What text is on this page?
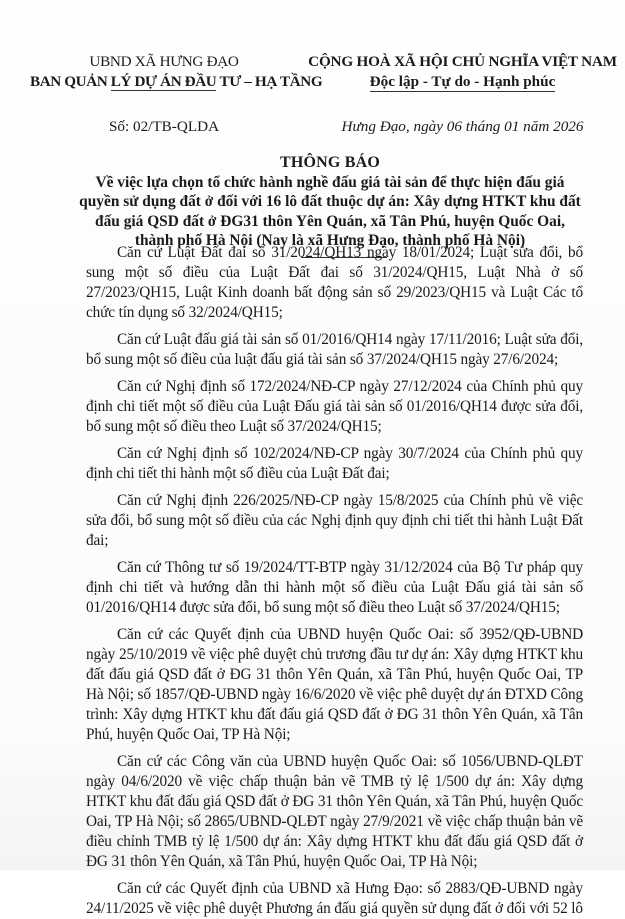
UBND XÃ HƯNG ĐẠO
BAN QUẢN LÝ DỰ ÁN ĐẦU TƯ – HẠ TẦNG
CỘNG HOÀ XÃ HỘI CHỦ NGHĨA VIỆT NAM
Độc lập - Tự do - Hạnh phúc
Số: 02/TB-QLDA	Hưng Đạo, ngày 06 tháng 01 năm 2026
THÔNG BÁO
Về việc lựa chọn tổ chức hành nghề đấu giá tài sản để thực hiện đấu giá
quyền sử dụng đất ở đối với 16 lô đất thuộc dự án: Xây dựng HTKT khu đất
đấu giá QSD đất ở ĐG31 thôn Yên Quán, xã Tân Phú, huyện Quốc Oai,
thành phố Hà Nội (Nay là xã Hưng Đạo, thành phố Hà Nội)

Căn cứ Luật Đất đai số 31/2024/QH13 ngày 18/01/2024; Luật sửa đổi, bổ sung một số điều của Luật Đất đai số 31/2024/QH15, Luật Nhà ở số 27/2023/QH15, Luật Kinh doanh bất động sản số 29/2023/QH15 và Luật Các tổ chức tín dụng số 32/2024/QH15;

Căn cứ Luật đấu giá tài sản số 01/2016/QH14 ngày 17/11/2016; Luật sửa đổi, bổ sung một số điều của luật đấu giá tài sản số 37/2024/QH15 ngày 27/6/2024;

Căn cứ Nghị định số 172/2024/NĐ-CP ngày 27/12/2024 của Chính phủ quy định chi tiết một số điều của Luật Đấu giá tài sản số 01/2016/QH14 được sửa đổi, bổ sung một số điều theo Luật số 37/2024/QH15;

Căn cứ Nghị định số 102/2024/NĐ-CP ngày 30/7/2024 của Chính phủ quy định chi tiết thi hành một số điều của Luật Đất đai;

Căn cứ Nghị định 226/2025/NĐ-CP ngày 15/8/2025 của Chính phủ về việc sửa đổi, bổ sung một số điều của các Nghị định quy định chi tiết thi hành Luật Đất đai;

Căn cứ Thông tư số 19/2024/TT-BTP ngày 31/12/2024 của Bộ Tư pháp quy định chi tiết và hướng dẫn thi hành một số điều của Luật Đấu giá tài sản số 01/2016/QH14 được sửa đổi, bổ sung một số điều theo Luật số 37/2024/QH15;

Căn cứ các Quyết định của UBND huyện Quốc Oai: số 3952/QĐ-UBND ngày 25/10/2019 về việc phê duyệt chủ trương đầu tư dự án: Xây dựng HTKT khu đất đấu giá QSD đất ở ĐG 31 thôn Yên Quán, xã Tân Phú, huyện Quốc Oai, TP Hà Nội; số 1857/QĐ-UBND ngày 16/6/2020 về việc phê duyệt dự án ĐTXD Công trình: Xây dựng HTKT khu đất đấu giá QSD đất ở ĐG 31 thôn Yên Quán, xã Tân Phú, huyện Quốc Oai, TP Hà Nội;

Căn cứ các Công văn của UBND huyện Quốc Oai: số 1056/UBND-QLĐT ngày 04/6/2020 về việc chấp thuận bản vẽ TMB tỷ lệ 1/500 dự án: Xây dựng HTKT khu đất đấu giá QSD đất ở ĐG 31 thôn Yên Quán, xã Tân Phú, huyện Quốc Oai, TP Hà Nội; số 2865/UBND-QLĐT ngày 27/9/2021 về việc chấp thuận bản vẽ điều chỉnh TMB tỷ lệ 1/500 dự án: Xây dựng HTKT khu đất đấu giá QSD đất ở ĐG 31 thôn Yên Quán, xã Tân Phú, huyện Quốc Oai, TP Hà Nội;

Căn cứ các Quyết định của UBND xã Hưng Đạo: số 2883/QĐ-UBND ngày 24/11/2025 về việc phê duyệt Phương án đấu giá quyền sử dụng đất ở đối với 52 lô
